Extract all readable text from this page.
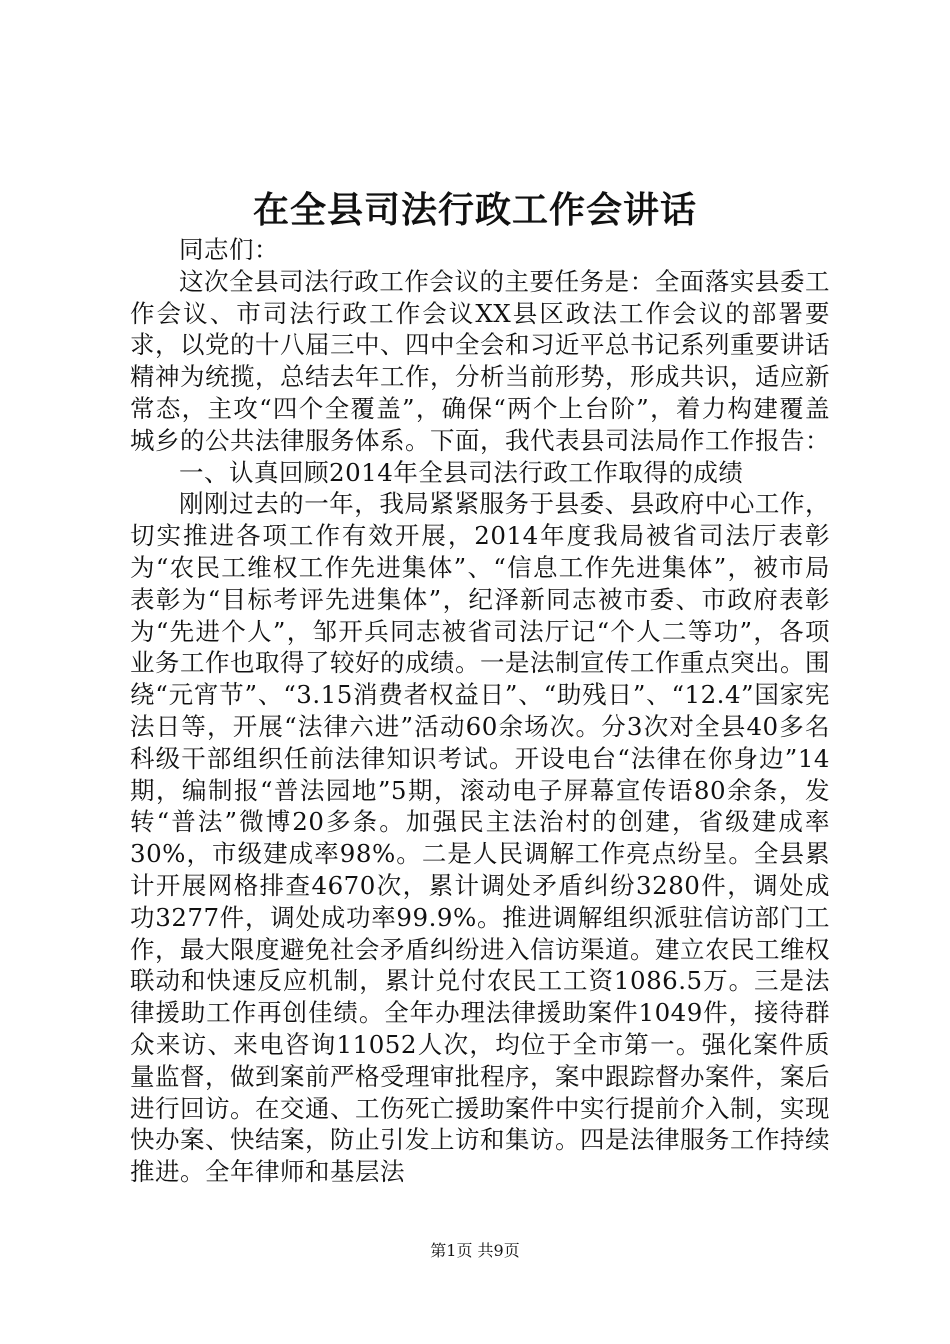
在全县司法行政工作会讲话

同志们：

这次全县司法行政工作会议的主要任务是：全面落实县委工作会议、市司法行政工作会议XX县区政法工作会议的部署要求，以党的十八届三中、四中全会和习近平总书记系列重要讲话精神为统揽，总结去年工作，分析当前形势，形成共识，适应新常态，主攻“四个全覆盖”，确保“两个上台阶”，着力构建覆盖城乡的公共法律服务体系。下面，我代表县司法局作工作报告：

一、认真回顾2014年全县司法行政工作取得的成绩

刚刚过去的一年，我局紧紧服务于县委、县政府中心工作，切实推进各项工作有效开展，2014年度我局被省司法厅表彰为“农民工维权工作先进集体”、“信息工作先进集体”，被市局表彰为“目标考评先进集体”，纪泽新同志被市委、市政府表彰为“先进个人”，邹开兵同志被省司法厅记“个人二等功”，各项业务工作也取得了较好的成绩。一是法制宣传工作重点突出。围绕“元宵节”、“3.15消费者权益日”、“助残日”、“12.4”国家宪法日等，开展“法律六进”活动60余场次。分3次对全县40多名科级干部组织任前法律知识考试。开设电台“法律在你身边”14期，编制报“普法园地”5期，滚动电子屏幕宣传语80余条，发转“普法”微博20多条。加强民主法治村的创建，省级建成率30%，市级建成率98%。二是人民调解工作亮点纷呈。全县累计开展网格排查4670次，累计调处矛盾纠纷3280件，调处成功3277件，调处成功率99.9%。推进调解组织派驻信访部门工作，最大限度避免社会矛盾纠纷进入信访渠道。建立农民工维权联动和快速反应机制，累计兑付农民工工资1086.5万。三是法律援助工作再创佳绩。全年办理法律援助案件1049件，接待群众来访、来电咨询11052人次，均位于全市第一。强化案件质量监督，做到案前严格受理审批程序，案中跟踪督办案件，案后进行回访。在交通、工伤死亡援助案件中实行提前介入制，实现快办案、快结案，防止引发上访和集访。四是法律服务工作持续推进。全年律师和基层法

第1页 共9页
